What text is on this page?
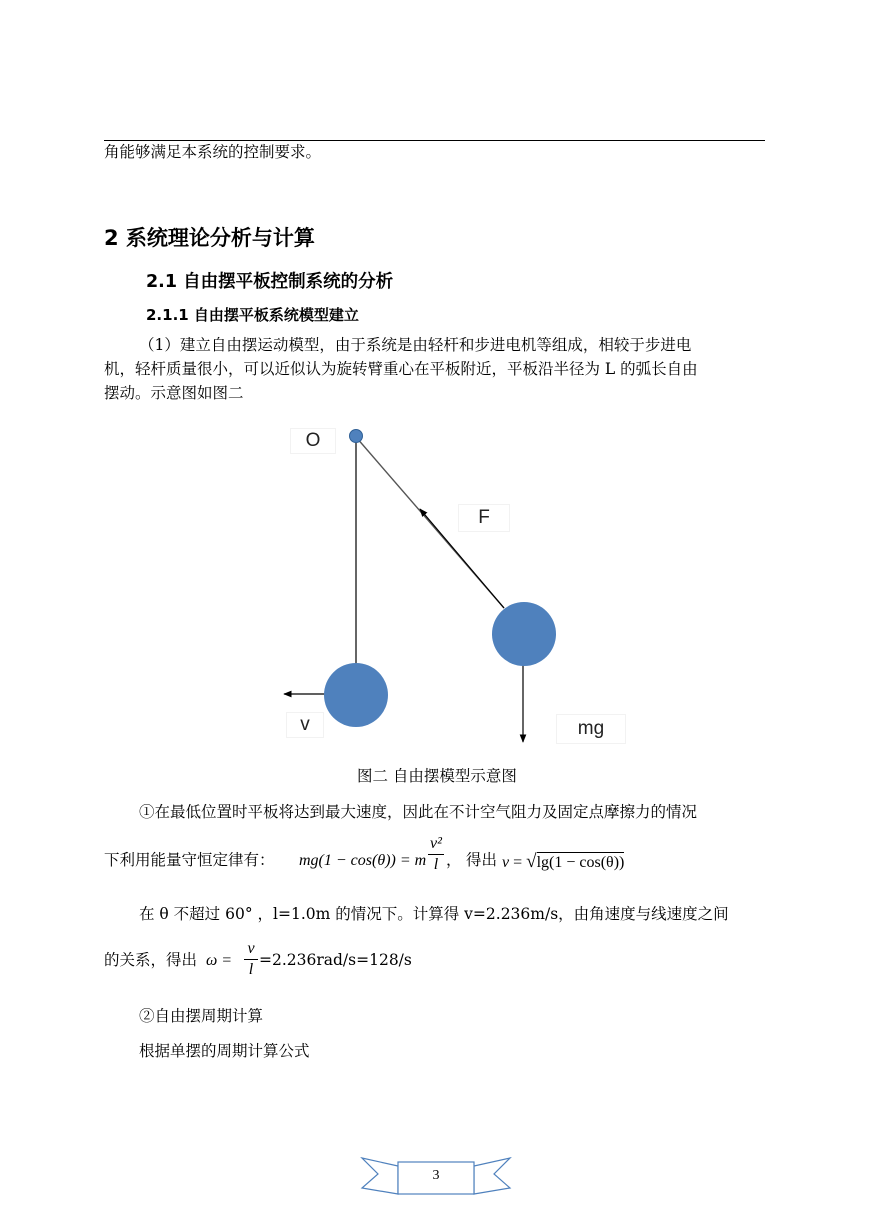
角能够满足本系统的控制要求。
2 系统理论分析与计算
2.1 自由摆平板控制系统的分析
2.1.1 自由摆平板系统模型建立
（1）建立自由摆运动模型，由于系统是由轻杆和步进电机等组成，相较于步进电
机，轻杆质量很小，可以近似认为旋转臂重心在平板附近，平板沿半径为 L 的弧长自由
摆动。示意图如图二
O
F
v	mg
图二 自由摆模型示意图
①在最低位置时平板将达到最大速度，因此在不计空气阻力及固定点摩擦力的情况
下利用能量守恒定律有： mg(1 − cos(θ)) = m
v²
l ， 得出 v = √lg(1 − cos(θ))
在 θ 不超过 60° ，l=1.0m 的情况下。计算得 v=2.236m/s，由角速度与线速度之间
的关系，得出 ω =
v
l
=2.236rad/s=128/s
②自由摆周期计算
根据单摆的周期计算公式
3
